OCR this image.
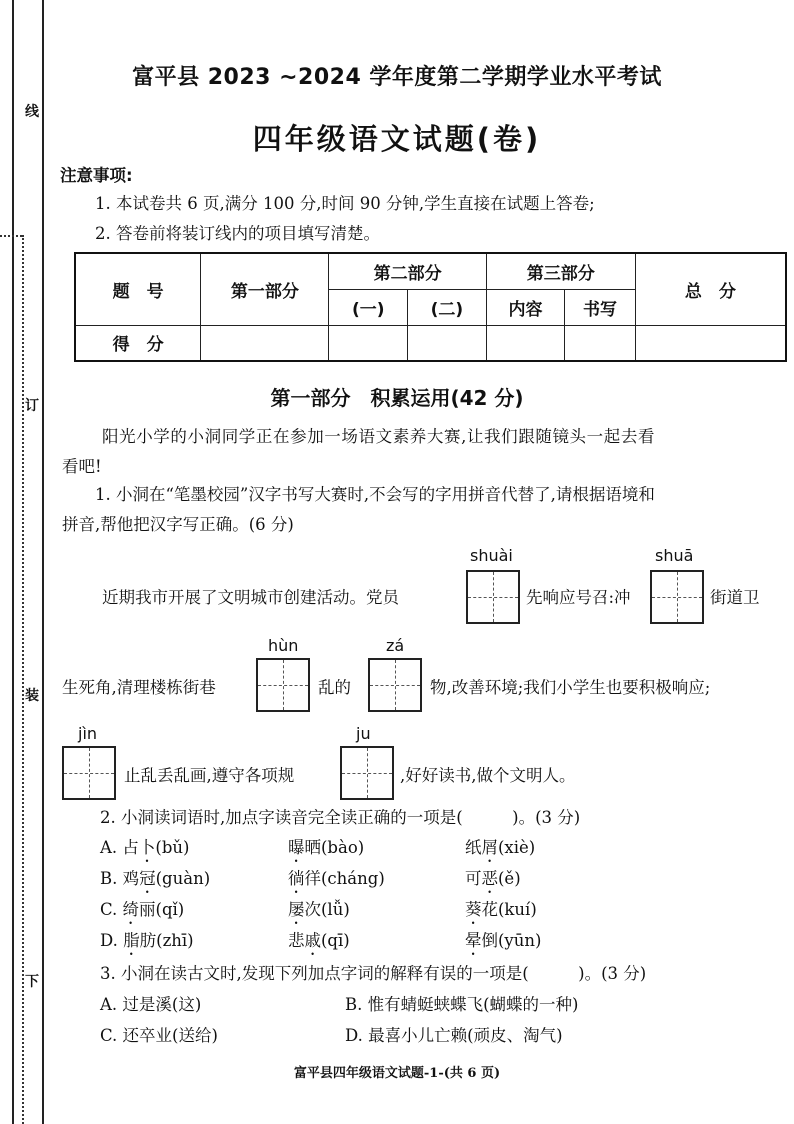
线
订
装
下
富平县 2023 ~2024 学年度第二学期学业水平考试
四年级语文试题(卷)
注意事项:
1. 本试卷共 6 页,满分 100 分,时间 90 分钟,学生直接在试题上答卷;
2. 答卷前将装订线内的项目填写清楚。
题　号	第一部分	第二部分		第三部分		总　分
		(一)	(二)	内容	书写	
得　分						
第一部分　积累运用(42 分)
阳光小学的小洞同学正在参加一场语文素养大赛,让我们跟随镜头一起去看
看吧!
1. 小洞在“笔墨校园”汉字书写大赛时,不会写的字用拼音代替了,请根据语境和
拼音,帮他把汉字写正确。(6 分)
shuài	shuā
近期我市开展了文明城市创建活动。党员	先响应号召:冲	街道卫
hùn	zá
生死角,清理楼栋街巷	乱的	物,改善环境;我们小学生也要积极响应;
jìn	ju
止乱丢乱画,遵守各项规	,好好读书,做个文明人。
2. 小洞读词语时,加点字读音完全读正确的一项是(　　　)。(3 分)
A. 占卜(bǔ)	曝晒(bào)	纸屑(xiè)
B. 鸡冠(guàn)	徜徉(cháng)	可恶(ě)
C. 绮丽(qǐ)	屡次(lǚ)	葵花(kuí)
D. 脂肪(zhī)	悲戚(qī)	晕倒(yūn)
3. 小洞在读古文时,发现下列加点字词的解释有误的一项是(　　　)。(3 分)
A. 过是溪(这)	B. 惟有蜻蜓蛱蝶飞(蝴蝶的一种)
C. 还卒业(送给)	D. 最喜小儿亡赖(顽皮、淘气)
富平县四年级语文试题-1-(共 6 页)
